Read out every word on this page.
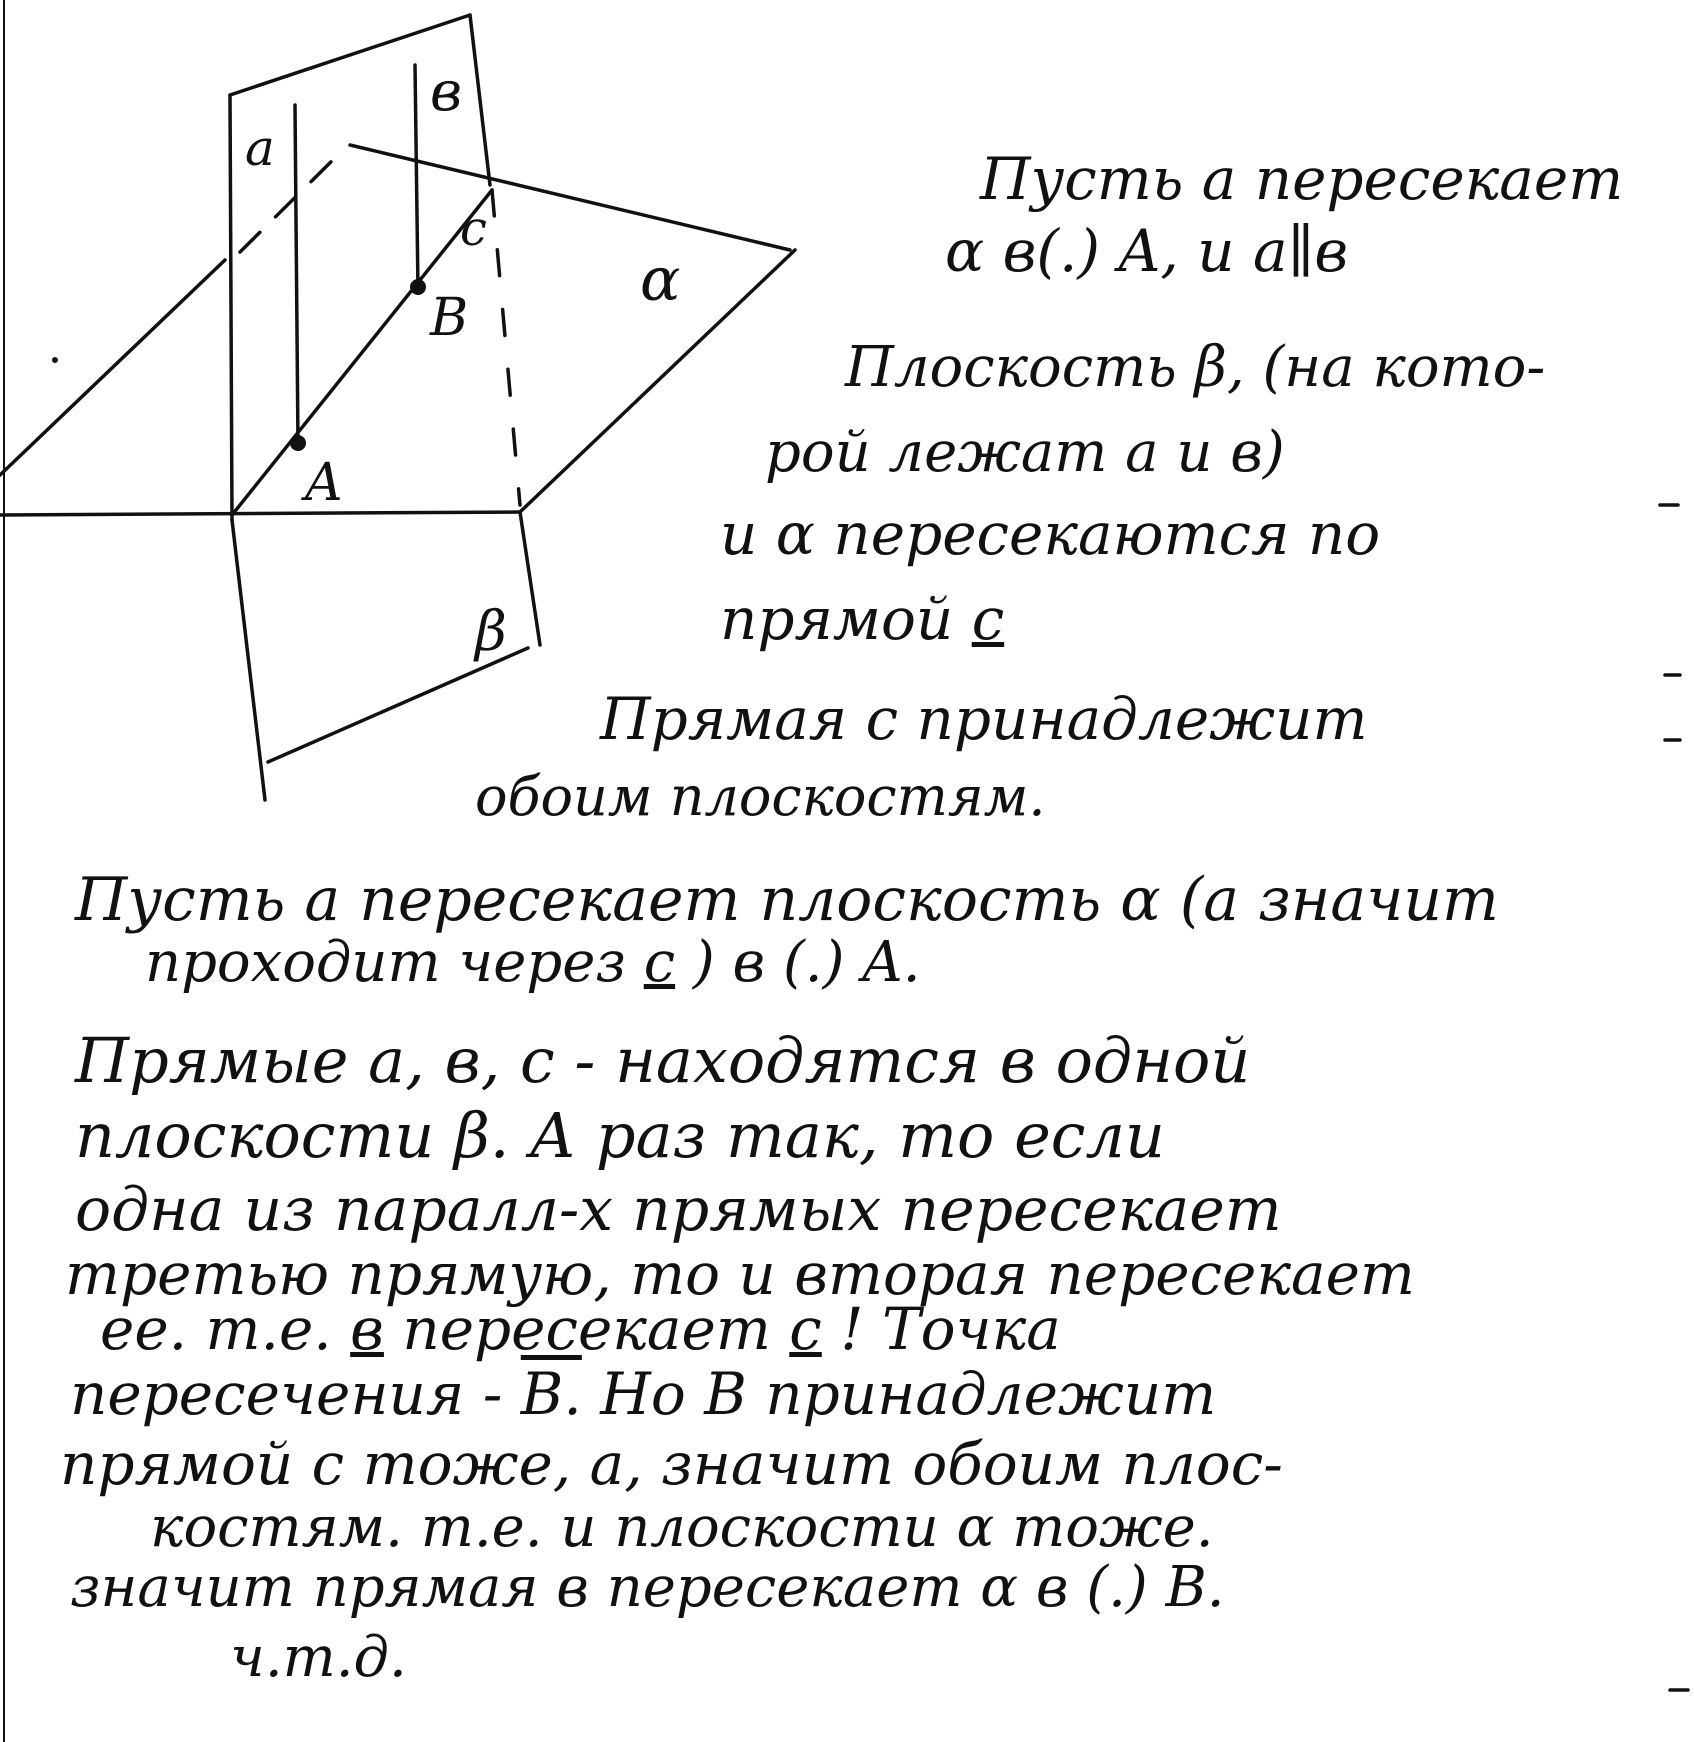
a
в
c
A
B
α
β
Пусть a пересекает
α в(.) A, и a∥в
Плоскость β, (на кото-
рой лежат a и в)
и α пересекаются по
прямой c
Прямая c принадлежит
обоим плоскостям.
Пусть a пересекает плоскость α (а значит
проходит через c ) в (.) A.
Прямые a, в, c - находятся в одной
плоскости β. А раз так, то если
одна из паралл-х прямых пересекает
третью прямую, то и вторая пересекает
ее. т.е. в пересекает c ! Точка
пересечения - B. Но B принадлежит
прямой c тоже, а, значит обоим плос-
костям. т.е. и плоскости α тоже.
значит прямая в пересекает α в (.) B.
ч.т.д.
